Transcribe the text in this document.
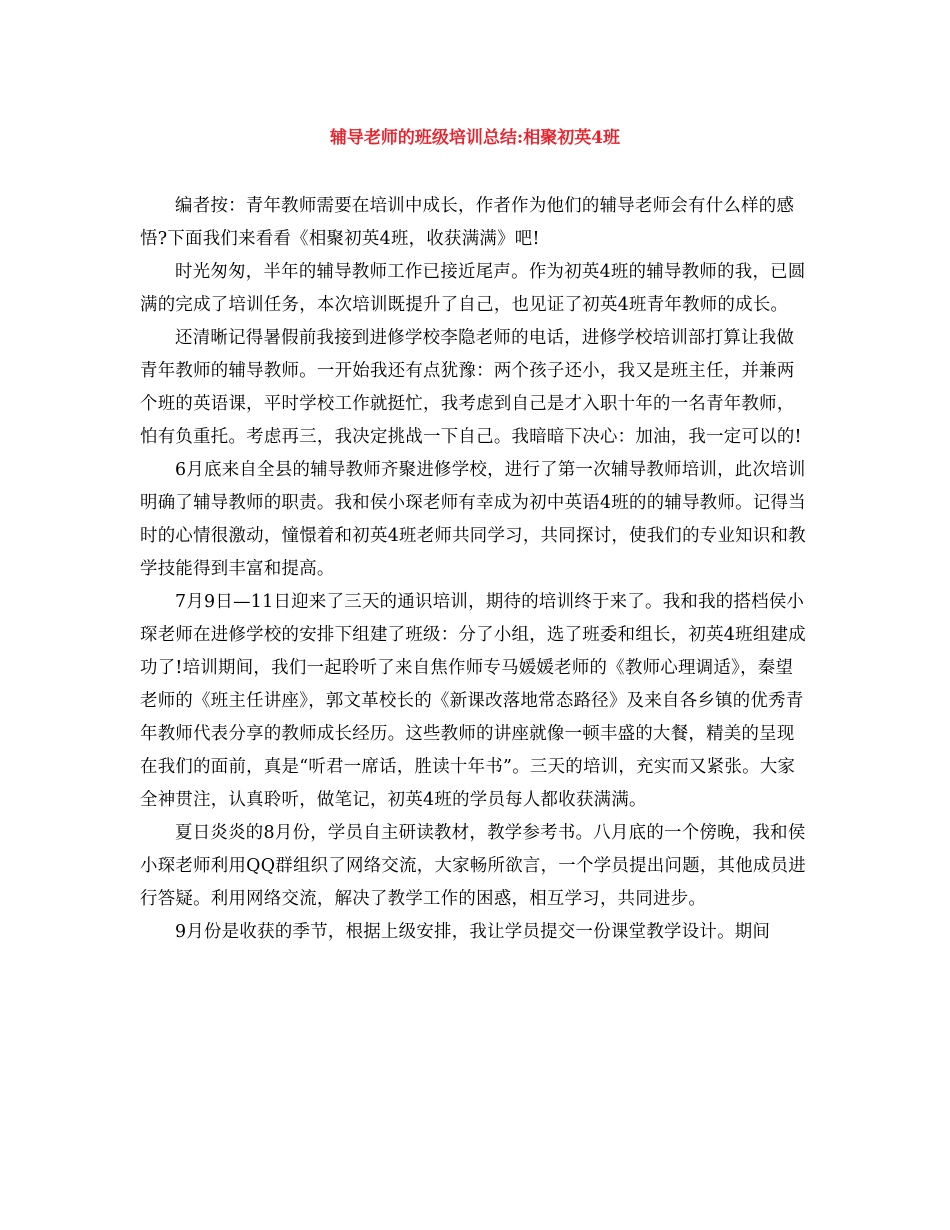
辅导老师的班级培训总结:相聚初英4班

编者按：青年教师需要在培训中成长，作者作为他们的辅导老师会有什么样的感悟?下面我们来看看《相聚初英4班，收获满满》吧!

时光匆匆，半年的辅导教师工作已接近尾声。作为初英4班的辅导教师的我，已圆满的完成了培训任务，本次培训既提升了自己，也见证了初英4班青年教师的成长。

还清晰记得暑假前我接到进修学校李隐老师的电话，进修学校培训部打算让我做青年教师的辅导教师。一开始我还有点犹豫：两个孩子还小，我又是班主任，并兼两个班的英语课，平时学校工作就挺忙，我考虑到自己是才入职十年的一名青年教师，怕有负重托。考虑再三，我决定挑战一下自己。我暗暗下决心：加油，我一定可以的!

6月底来自全县的辅导教师齐聚进修学校，进行了第一次辅导教师培训，此次培训明确了辅导教师的职责。我和侯小琛老师有幸成为初中英语4班的的辅导教师。记得当时的心情很激动，憧憬着和初英4班老师共同学习，共同探讨，使我们的专业知识和教学技能得到丰富和提高。

7月9日—11日迎来了三天的通识培训，期待的培训终于来了。我和我的搭档侯小琛老师在进修学校的安排下组建了班级：分了小组，选了班委和组长，初英4班组建成功了!培训期间，我们一起聆听了来自焦作师专马媛媛老师的《教师心理调适》，秦望老师的《班主任讲座》，郭文革校长的《新课改落地常态路径》及来自各乡镇的优秀青年教师代表分享的教师成长经历。这些教师的讲座就像一顿丰盛的大餐，精美的呈现在我们的面前，真是“听君一席话，胜读十年书”。三天的培训，充实而又紧张。大家全神贯注，认真聆听，做笔记，初英4班的学员每人都收获满满。

夏日炎炎的8月份，学员自主研读教材，教学参考书。八月底的一个傍晚，我和侯小琛老师利用QQ群组织了网络交流，大家畅所欲言，一个学员提出问题，其他成员进行答疑。利用网络交流，解决了教学工作的困惑，相互学习，共同进步。

9月份是收获的季节，根据上级安排，我让学员提交一份课堂教学设计。期间
